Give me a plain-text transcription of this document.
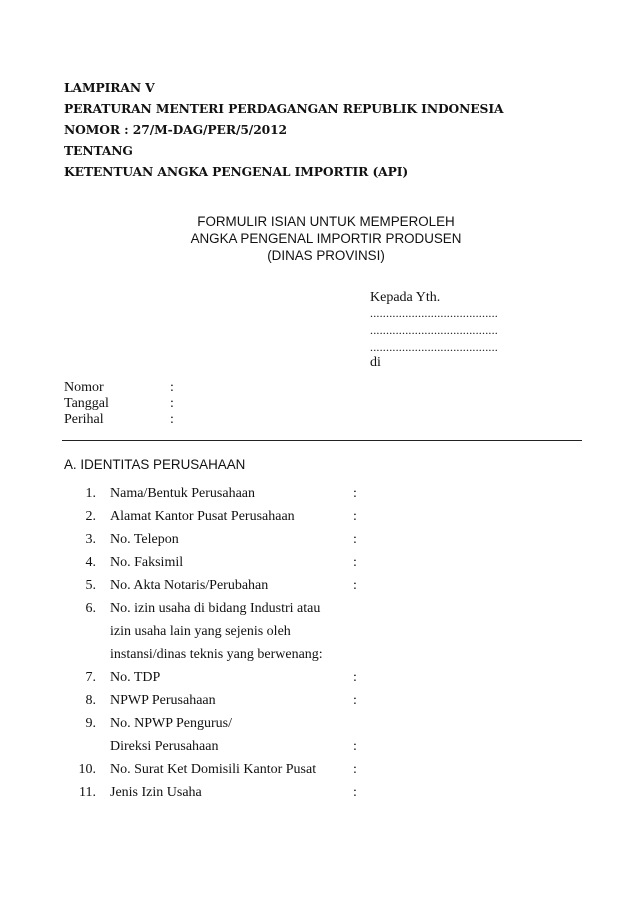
LAMPIRAN V
PERATURAN MENTERI PERDAGANGAN REPUBLIK INDONESIA
NOMOR : 27/M-DAG/PER/5/2012
TENTANG
KETENTUAN ANGKA PENGENAL IMPORTIR (API)
FORMULIR ISIAN UNTUK MEMPEROLEH
ANGKA PENGENAL IMPORTIR PRODUSEN
(DINAS PROVINSI)
Kepada Yth.
........................................
........................................
........................................
di
Nomor	:
Tanggal	:
Perihal	:
A. IDENTITAS PERUSAHAAN
1. Nama/Bentuk Perusahaan	:
2. Alamat Kantor Pusat Perusahaan	:
3. No. Telepon	:
4. No. Faksimil	:
5. No. Akta Notaris/Perubahan	:
6. No. izin usaha di bidang Industri atau
izin usaha lain yang sejenis oleh
instansi/dinas teknis yang berwenang:
7. No. TDP	:
8. NPWP Perusahaan	:
9. No. NPWP Pengurus/
Direksi Perusahaan	:
10. No. Surat Ket Domisili Kantor Pusat	:
11. Jenis Izin Usaha	:
